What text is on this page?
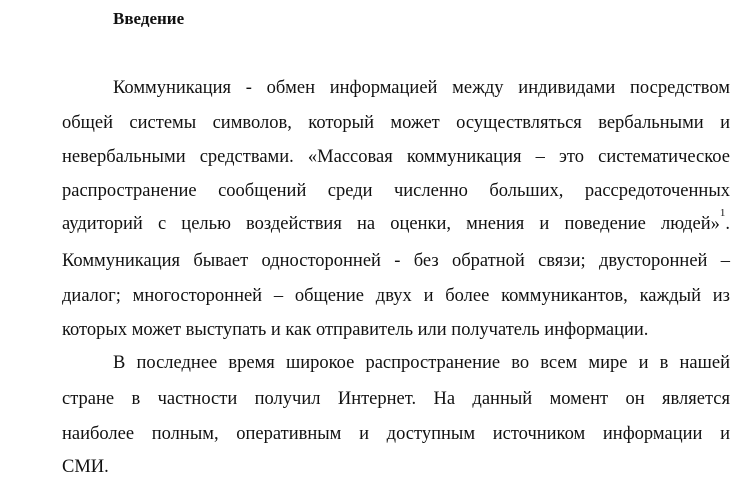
Введение
Коммуникация - обмен информацией между индивидами посредством
общей системы символов, который может осуществляться вербальными и
невербальными средствами. «Массовая коммуникация – это систематическое
распространение сообщений среди численно больших, рассредоточенных
аудиторий с целью воздействия на оценки, мнения и поведение людей»
1
.
Коммуникация бывает односторонней - без обратной связи; двусторонней –
диалог; многосторонней – общение двух и более коммуникантов, каждый из
которых может выступать и как отправитель или получатель информации.
В последнее время широкое распространение во всем мире и в нашей
стране в частности получил Интернет. На данный момент он является
наиболее полным, оперативным и доступным источником информации и
СМИ.
